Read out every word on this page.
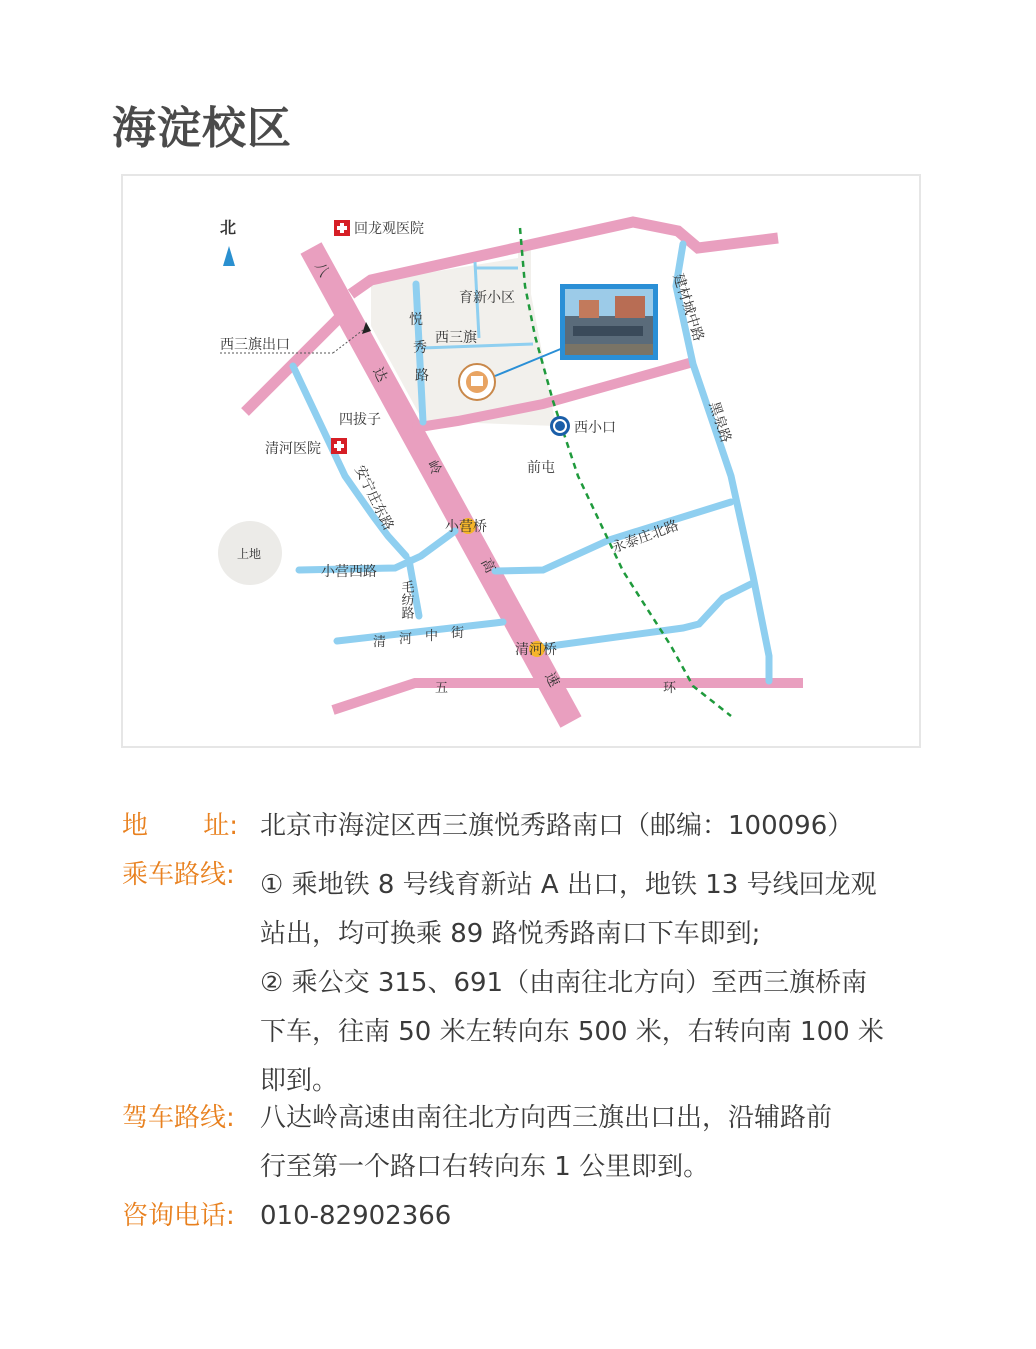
海淀校区
北	回龙观医院
清河医院
西三旗出口
育新小区
西三旗
四拔子
前屯
悦
秀
路
八
达
岭
高
速
五	环
建材城中路
黑泉路
安宁庄东路
小营西路
毛纺路
永泰庄北路
清 河 中 街
小营桥
清河桥
西小口
上地
地 址: 北京市海淀区西三旗悦秀路南口（邮编：100096）
乘车路线: ① 乘地铁 8 号线育新站 A 出口，地铁 13 号线回龙观
站出，均可换乘 89 路悦秀路南口下车即到;
② 乘公交 315、691（由南往北方向）至西三旗桥南
下车，往南 50 米左转向东 500 米，右转向南 100 米
即到。
驾车路线: 八达岭高速由南往北方向西三旗出口出，沿辅路前
行至第一个路口右转向东 1 公里即到。
咨询电话: 010-82902366
